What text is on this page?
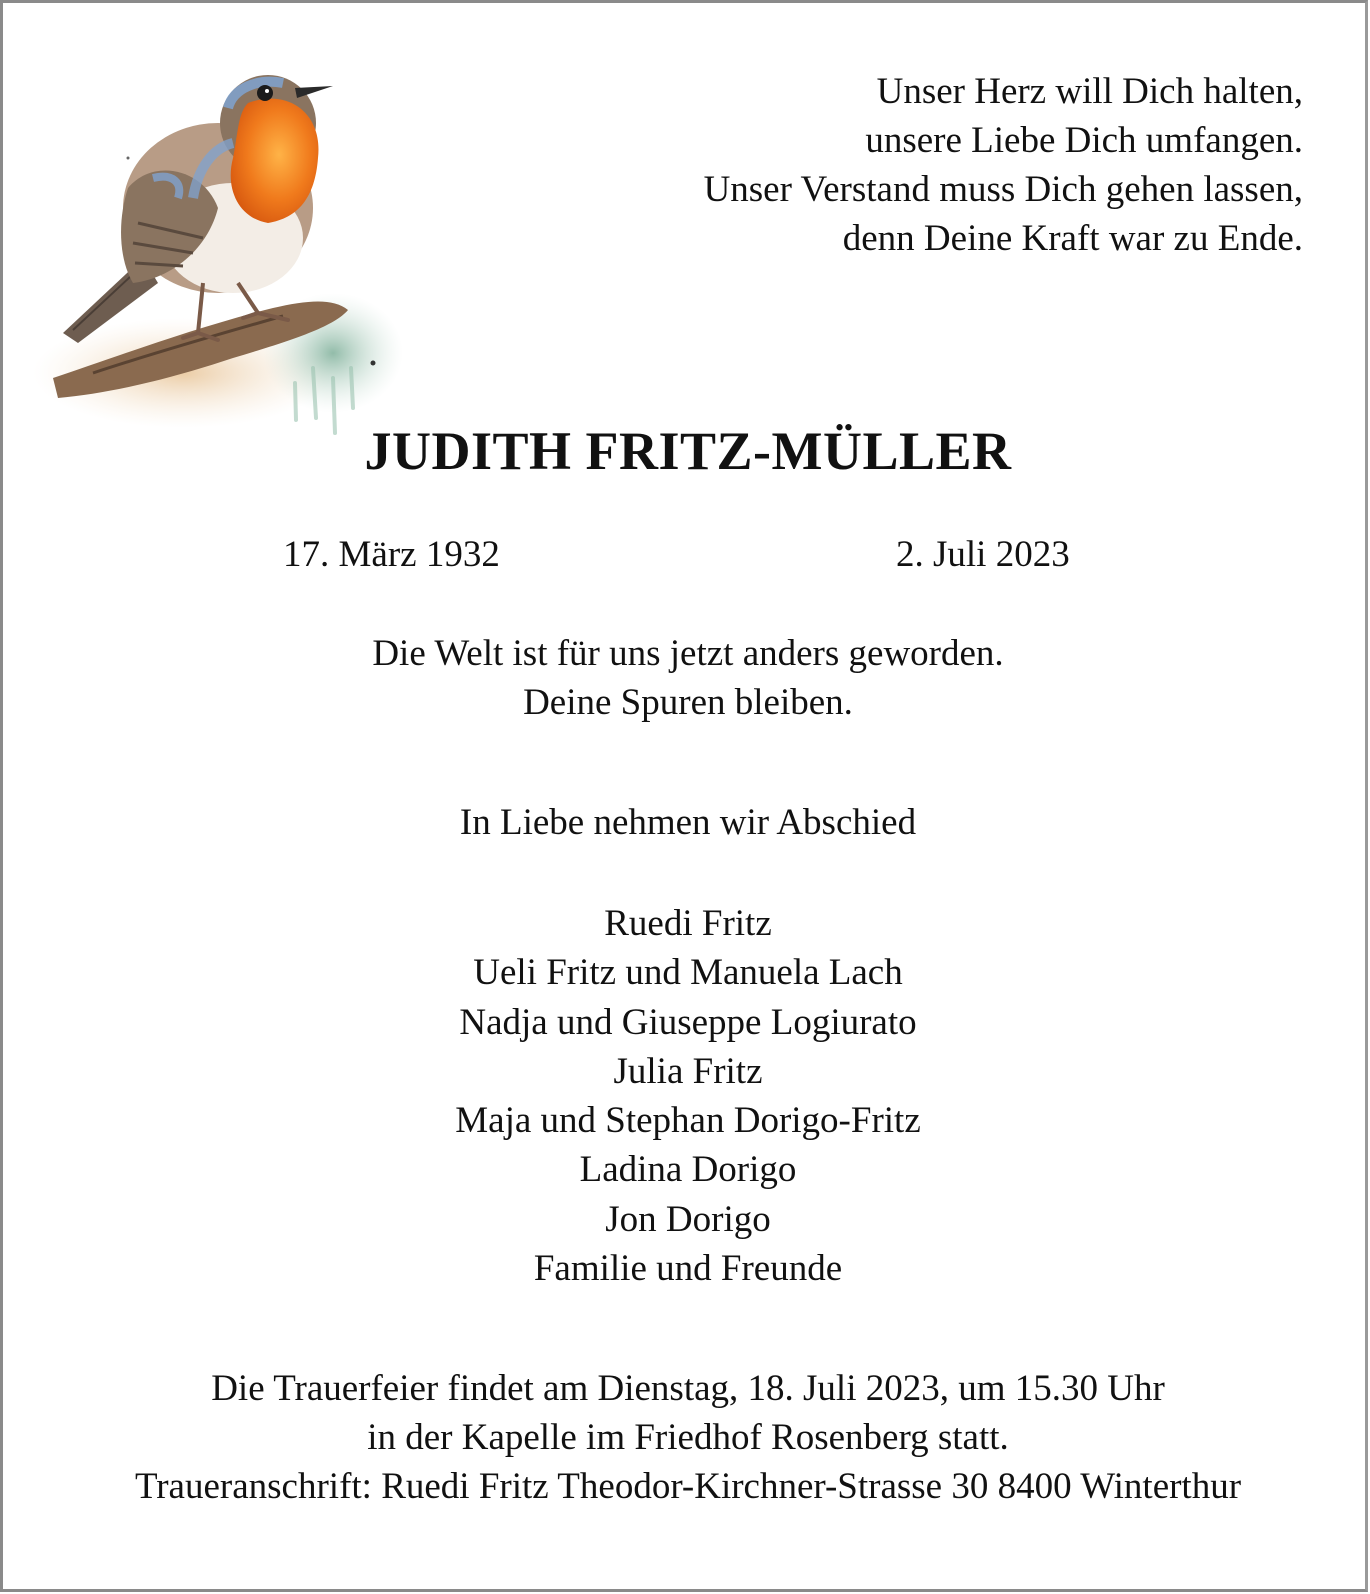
Unser Herz will Dich halten,
unsere Liebe Dich umfangen.
Unser Verstand muss Dich gehen lassen,
denn Deine Kraft war zu Ende.
JUDITH FRITZ-MÜLLER
17. März 1932	2. Juli 2023
Die Welt ist für uns jetzt anders geworden.
Deine Spuren bleiben.
In Liebe nehmen wir Abschied
Ruedi Fritz
Ueli Fritz und Manuela Lach
Nadja und Giuseppe Logiurato
Julia Fritz
Maja und Stephan Dorigo-Fritz
Ladina Dorigo
Jon Dorigo
Familie und Freunde
Die Trauerfeier findet am Dienstag, 18. Juli 2023, um 15.30 Uhr
in der Kapelle im Friedhof Rosenberg statt.
Traueranschrift: Ruedi Fritz Theodor-Kirchner-Strasse 30 8400 Winterthur
